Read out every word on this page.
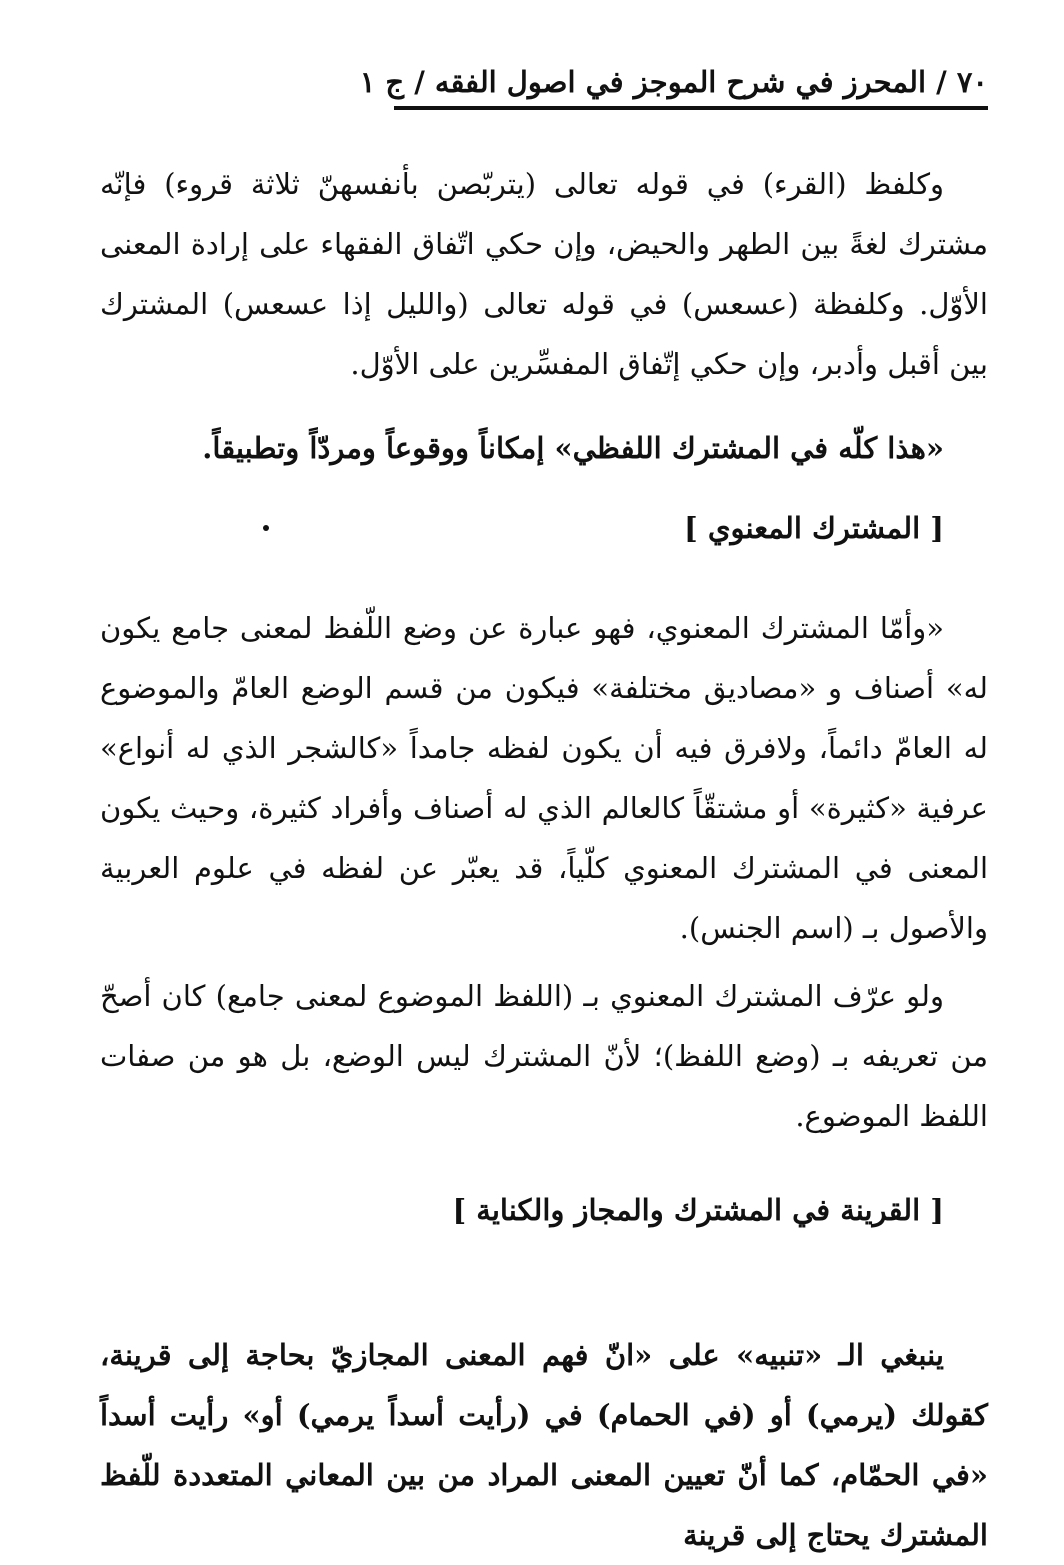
٧٠ / المحرز في شرح الموجز في اصول الفقه / ج ١
وكلفظ (القرء) في قوله تعالى (يتربّصن بأنفسهنّ ثلاثة قروء) فإنّه مشترك لغةً بين الطهر والحيض، وإن حكي اتّفاق الفقهاء على إرادة المعنى الأوّل. وكلفظة (عسعس) في قوله تعالى (والليل إذا عسعس) المشترك بين أقبل وأدبر، وإن حكي إتّفاق المفسِّرين على الأوّل.
«هذا كلّه في المشترك اللفظي» إمكاناً ووقوعاً ومردّاً وتطبيقاً.
[ المشترك المعنوي ]
«وأمّا المشترك المعنوي، فهو عبارة عن وضع اللّفظ لمعنى جامع يكون له» أصناف و «مصاديق مختلفة» فيكون من قسم الوضع العامّ والموضوع له العامّ دائماً، ولافرق فيه أن يكون لفظه جامداً «كالشجر الذي له أنواع» عرفية «كثيرة» أو مشتقّاً كالعالم الذي له أصناف وأفراد كثيرة، وحيث يكون المعنى في المشترك المعنوي كلّياً، قد يعبّر عن لفظه في علوم العربية والأصول بـ (اسم الجنس).
ولو عرّف المشترك المعنوي بـ (اللفظ الموضوع لمعنى جامع) كان أصحّ من تعريفه بـ (وضع اللفظ)؛ لأنّ المشترك ليس الوضع، بل هو من صفات اللفظ الموضوع.
[ القرينة في المشترك والمجاز والكناية ]
ينبغي الـ «تنبيه» على «انّ فهم المعنى المجازيّ بحاجة إلى قرينة، كقولك (يرمي) أو (في الحمام) في (رأيت أسداً يرمي) أو» رأيت أسداً «في الحمّام، كما أنّ تعيين المعنى المراد من بين المعاني المتعددة للّفظ المشترك يحتاج إلى قرينة
